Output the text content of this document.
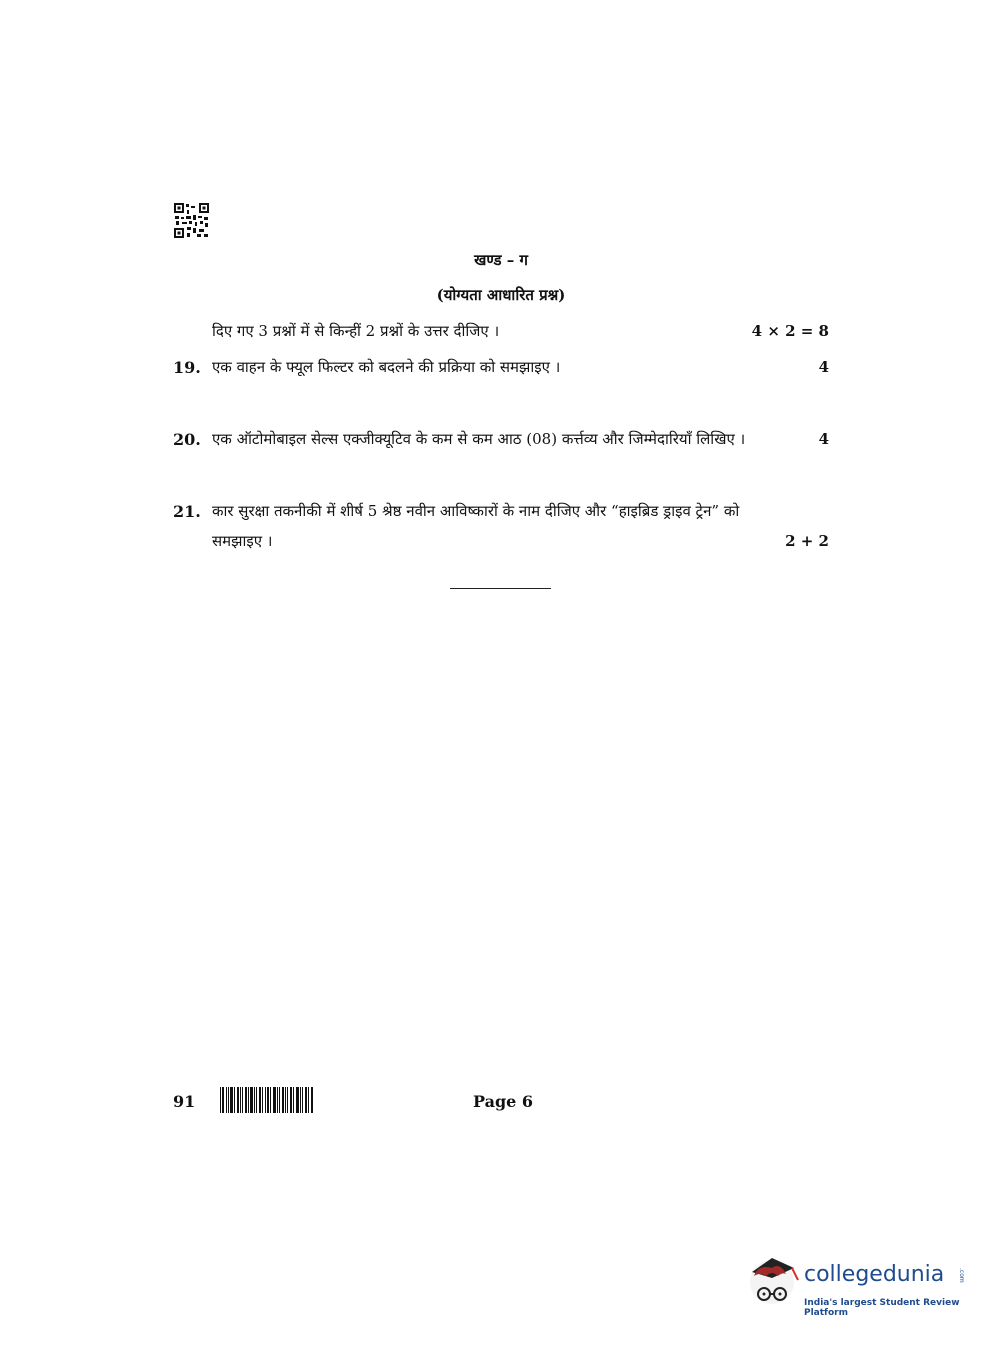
खण्ड – ग
(योग्यता आधारित प्रश्न)
दिए गए 3 प्रश्नों में से किन्हीं 2 प्रश्नों के उत्तर दीजिए ।	4 × 2 = 8
19. एक वाहन के फ्यूल फिल्टर को बदलने की प्रक्रिया को समझाइए ।	4
20. एक ऑटोमोबाइल सेल्स एक्जीक्यूटिव के कम से कम आठ (08) कर्त्तव्य और जिम्मेदारियाँ लिखिए ।	4
21. कार सुरक्षा तकनीकी में शीर्ष 5 श्रेष्ठ नवीन आविष्कारों के नाम दीजिए और “हाइब्रिड ड्राइव ट्रेन” को
समझाइए ।	2 + 2
91	Page 6
collegedunia .com
India's largest Student Review Platform
